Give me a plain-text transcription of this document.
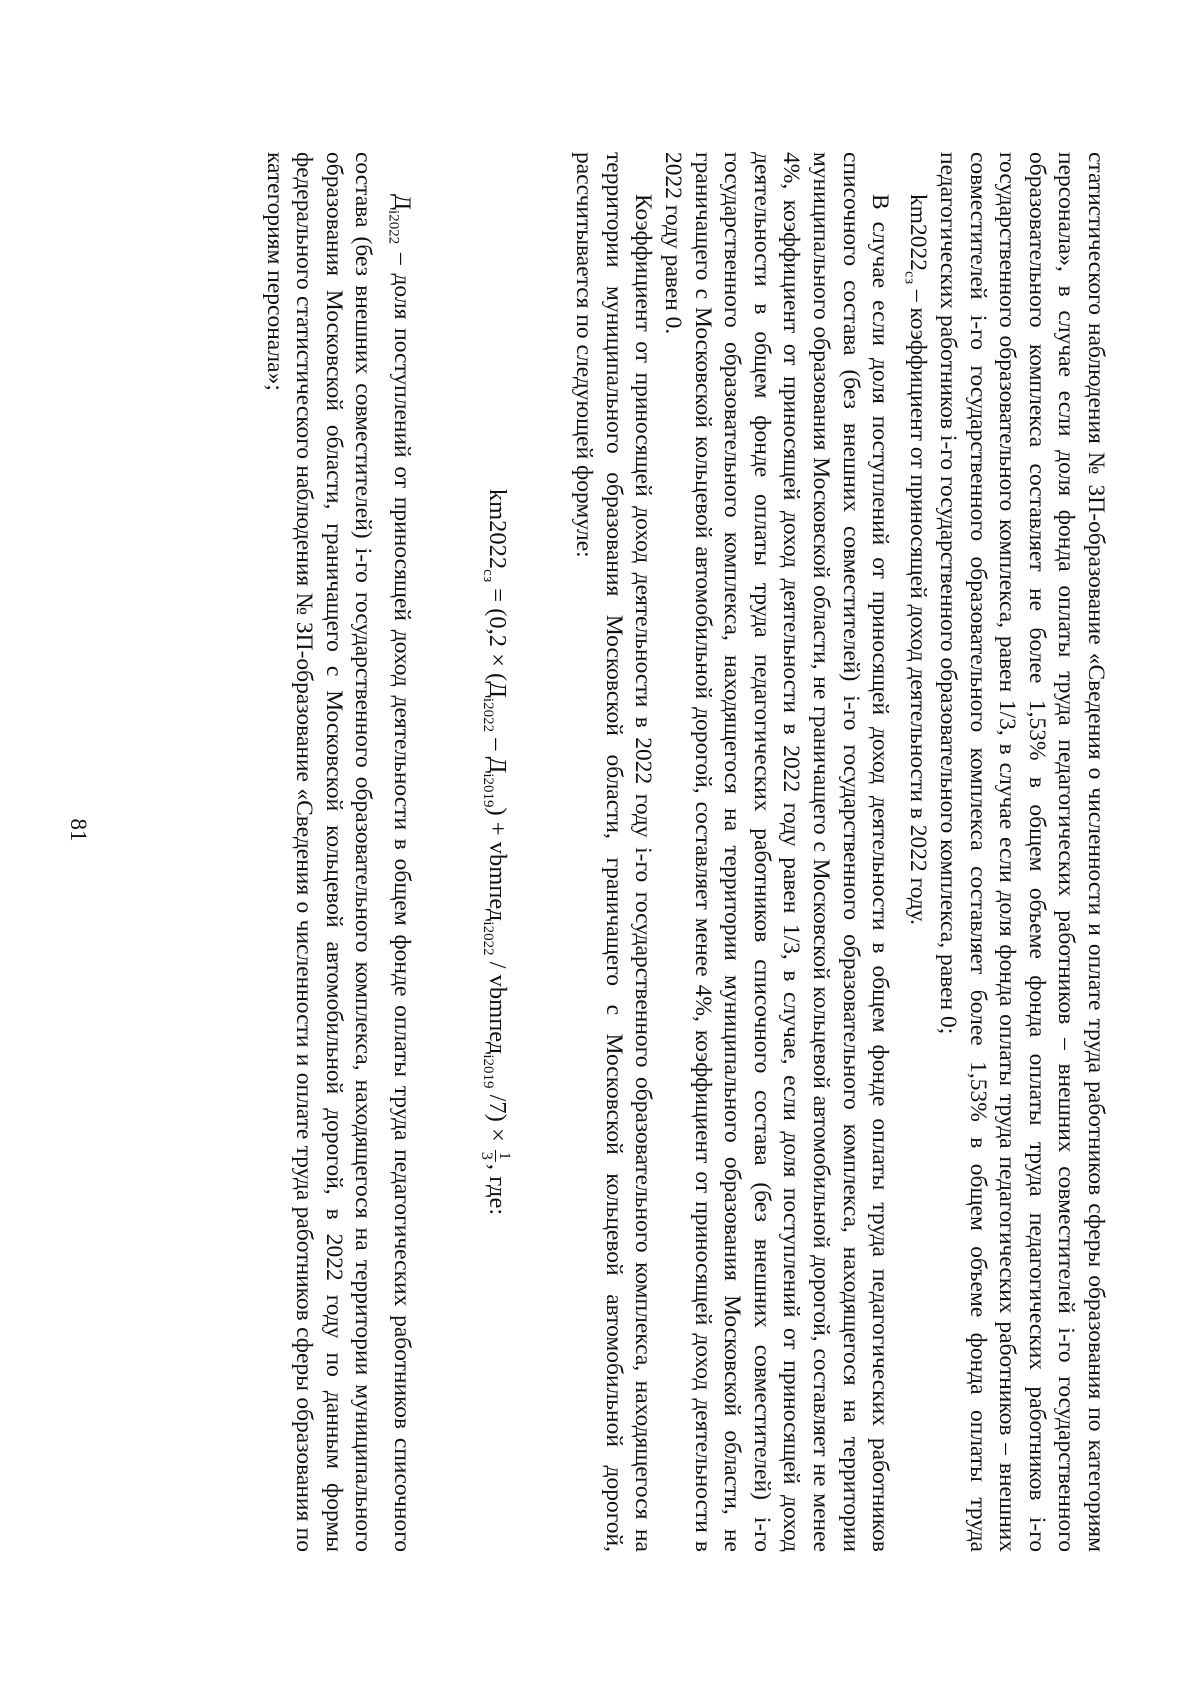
81	статистического наблюдения № ЗП-образование «Сведения о численности и оплате труда работников сферы образования по категориям персонала», в случае если доля фонда оплаты труда педагогических работников – внешних совместителей i-го государственного образовательного комплекса составляет не более 1,53% в общем объеме фонда оплаты труда педагогических работников i-го государственного образовательного комплекса, равен 1/3, в случае если доля фонда оплаты труда педагогических работников – внешних совместителей i-го государственного образовательного комплекса составляет более 1,53% в общем объеме фонда оплаты труда педагогических работников i-го государственного образовательного комплекса, равен 0;

$km2022_{сз}$ – коэффициент от приносящей доход деятельности в 2022 году.

В случае если доля поступлений от приносящей доход деятельности в общем фонде оплаты труда педагогических работников списочного состава (без внешних совместителей) i-го государственного образовательного комплекса, находящегося на территории муниципального образования Московской области, не граничащего с Московской кольцевой автомобильной дорогой, составляет не менее 4%, коэффициент от приносящей доход деятельности в 2022 году равен 1/3, в случае, если доля поступлений от приносящей доход деятельности в общем фонде оплаты труда педагогических работников списочного состава (без внешних совместителей) i-го государственного образовательного комплекса, находящегося на территории муниципального образования Московской области, не граничащего с Московской кольцевой автомобильной дорогой, составляет менее 4%, коэффициент от приносящей доход деятельности в 2022 году равен 0.

Коэффициент от приносящей доход деятельности в 2022 году i-го государственного образовательного комплекса, находящегося на территории муниципального образования Московской области, граничащего с Московской кольцевой автомобильной дорогой, рассчитывается по следующей формуле:

$km2022_{сз} = (0,2 \times (Д_{i2022} - Д_{i2019})$ + vbmпед$_{i2022}$ / vbmпед$_{i2019}$ /7) ×
1
3
, где:

$Д_{i2022}$ – доля поступлений от приносящей доход деятельности в общем фонде оплаты труда педагогических работников списочного состава (без внешних совместителей) i-го государственного образовательного комплекса, находящегося на территории муниципального образования Московской области, граничащего с Московской кольцевой автомобильной дорогой, в 2022 году по данным формы федерального статистического наблюдения № ЗП-образование «Сведения о численности и оплате труда работников сферы образования по категориям персонала»;
